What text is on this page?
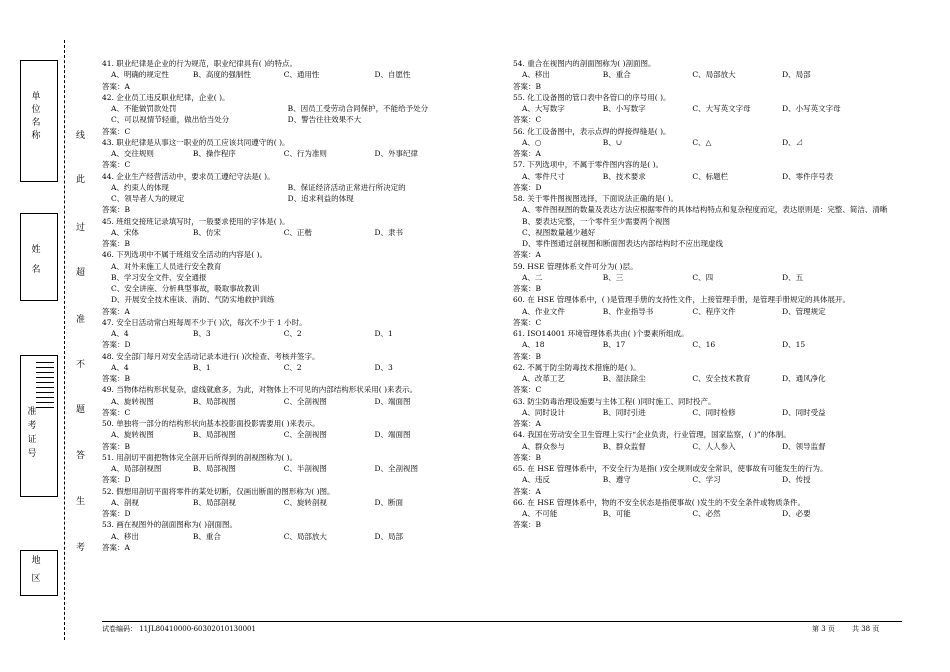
单
位
名
称
姓
名
准
考
证
号
地
区
线
此
过
超
准
不
题
答
生
考
41. 职业纪律是企业的行为规范，职业纪律具有( )的特点。
A、明确的规定性	B、高度的强制性	C、通用性	D、自愿性
答案：A
42. 企业员工违反职业纪律，企业( )。
A、不能做罚款处罚	B、因员工受劳动合同保护，不能给予处分
C、可以视情节轻重，做出恰当处分	D、警告往往效果不大
答案：C
43. 职业纪律是从事这一职业的员工应该共同遵守的( )。
A、交往规则	B、操作程序	C、行为准则	D、外事纪律
答案：C
44. 企业生产经营活动中，要求员工遵纪守法是( )。
A、约束人的体现	B、保证经济活动正常进行所决定的
C、领导者人为的规定	D、追求利益的体现
答案：B
45. 班组交接班记录填写时，一般要求使用的字体是( )。
A、宋体	B、仿宋	C、正楷	D、隶书
答案：B
46. 下列选项中不属于班组安全活动的内容是( )。
A、对外来施工人员进行安全教育
B、学习安全文件、安全通报
C、安全讲座、分析典型事故，吸取事故教训
D、开展安全技术座谈、消防、气防实地救护训练
答案：A
47. 安全日活动常白班每周不少于( )次，每次不少于 1 小时。
A、4	B、3	C、2	D、1
答案：D
48. 安全部门每月对安全活动记录本进行( )次检查、考核并签字。
A、4	B、1	C、2	D、3
答案：B
49. 当物体结构形状复杂，虚线就愈多，为此，对物体上不可见的内部结构形状采用( )来表示。
A、旋转视图	B、局部视图	C、全剖视图	D、端面图
答案：C
50. 单独将一部分的结构形状向基本投影面投影需要用( )来表示。
A、旋转视图	B、局部视图	C、全剖视图	D、端面图
答案：B
51. 用剖切平面把物体完全剖开后所得到的剖视图称为( )。
A、局部剖视图	B、局部视图	C、半剖视图	D、全剖视图
答案：D
52. 假想用剖切平面将零件的某处切断，仅画出断面的图形称为( )图。
A、剖视	B、局部剖视	C、旋转剖视	D、断面
答案：D
53. 画在视图外的剖面图称为( )剖面图。
A、移出	B、重合	C、局部放大	D、局部
答案：A
54. 重合在视图内的剖面图称为( )剖面图。
A、移出	B、重合	C、局部放大	D、局部
答案：B
55. 化工设备图的管口表中各管口的序号用( )。
A、大写数字	B、小写数字	C、大写英文字母	D、小写英文字母
答案：C
56. 化工设备图中，表示点焊的焊接焊缝是( )。
A、○	B、∪	C、△	D、⊿
答案：A
57. 下列选项中，不属于零件图内容的是( )。
A、零件尺寸	B、技术要求	C、标题栏	D、零件序号表
答案：D
58. 关于零件图视图选择，下面说法正确的是( )。
A、零件图视图的数量及表达方法应根据零件的具体结构特点和复杂程度而定，表达原则是：完整、简洁、清晰
B、要表达完整，一个零件至少需要两个视图
C、视图数量越少越好
D、零件图通过剖视图和断面图表达内部结构时不应出现虚线
答案：A
59. HSE 管理体系文件可分为( )层。
A、二	B、三	C、四	D、五
答案：B
60. 在 HSE 管理体系中，( )是管理手册的支持性文件，上接管理手册，是管理手册规定的具体展开。
A、作业文件	B、作业指导书	C、程序文件	D、管理规定
答案：C
61. ISO14001 环境管理体系共由( )个要素所组成。
A、18	B、17	C、16	D、15
答案：B
62. 不属于防尘防毒技术措施的是( )。
A、改革工艺	B、湿法除尘	C、安全技术教育	D、通风净化
答案：C
63. 防尘防毒治理设施要与主体工程( )同时施工、同时投产。
A、同时设计	B、同时引进	C、同时检修	D、同时受益
答案：A
64. 我国在劳动安全卫生管理上实行“企业负责，行业管理，国家监察，( )”的体制。
A、群众参与	B、群众监督	C、人人参入	D、领导监督
答案：B
65. 在 HSE 管理体系中，不安全行为是指( )安全规则或安全常识，使事故有可能发生的行为。
A、违反	B、遵守	C、学习	D、传授
答案：A
66. 在 HSE 管理体系中，物的不安全状态是指使事故( )发生的不安全条件或物质条件。
A、不可能	B、可能	C、必然	D、必要
答案：B
试卷编码： 11JL80410000-60302010130001	第 3 页 共 38 页
